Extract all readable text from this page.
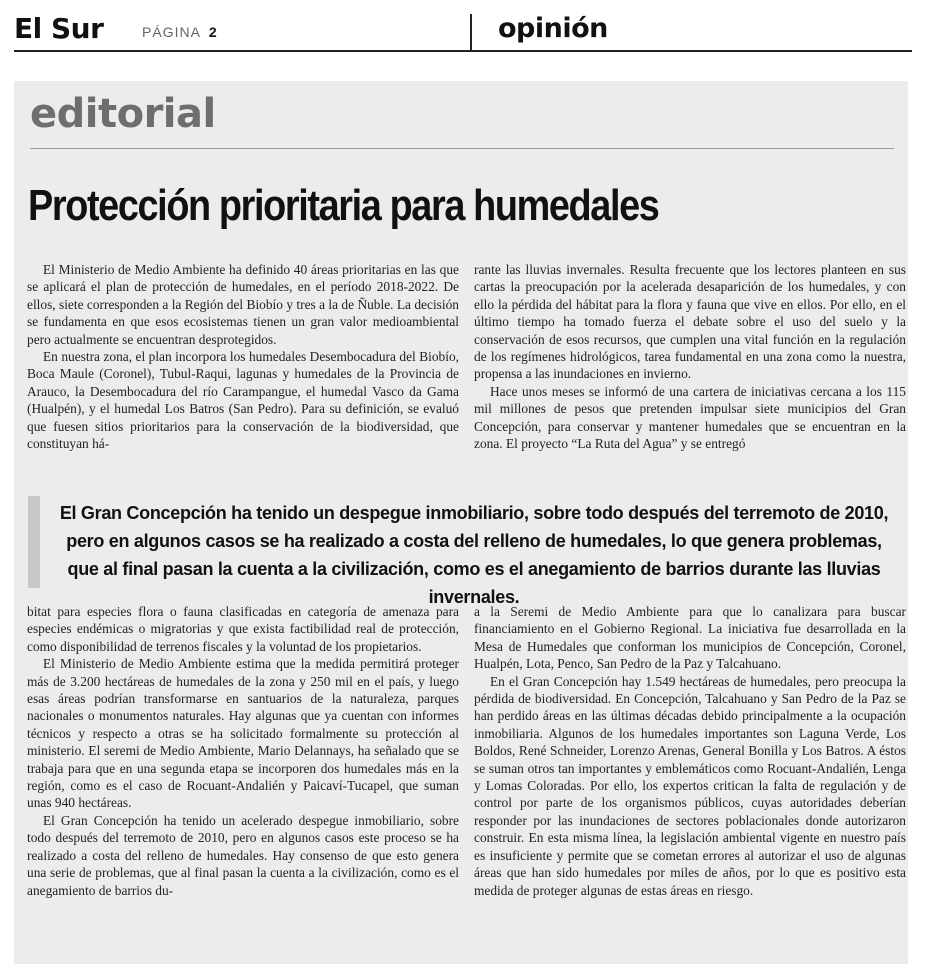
El Sur	PÁGINA 2	opinión
editorial
Protección prioritaria para humedales

El Ministerio de Medio Ambiente ha definido 40 áreas prioritarias en las que se aplicará el plan de protección de humedales, en el período 2018-2022. De ellos, siete corresponden a la Región del Biobío y tres a la de Ñuble. La decisión se fundamenta en que esos ecosistemas tienen un gran valor medioambiental pero actualmente se encuentran desprotegidos.

En nuestra zona, el plan incorpora los humedales Desembocadura del Biobío, Boca Maule (Coronel), Tubul-Raqui, lagunas y humedales de la Provincia de Arauco, la Desembocadura del río Carampangue, el humedal Vasco da Gama (Hualpén), y el humedal Los Batros (San Pedro). Para su definición, se evaluó que fuesen sitios prioritarios para la conservación de la biodiversidad, que constituyan há-

rante las lluvias invernales. Resulta frecuente que los lectores planteen en sus cartas la preocupación por la acelerada desaparición de los humedales, y con ello la pérdida del hábitat para la flora y fauna que vive en ellos. Por ello, en el último tiempo ha tomado fuerza el debate sobre el uso del suelo y la conservación de esos recursos, que cumplen una vital función en la regulación de los regímenes hidrológicos, tarea fundamental en una zona como la nuestra, propensa a las inundaciones en invierno.

Hace unos meses se informó de una cartera de iniciativas cercana a los 115 mil millones de pesos que pretenden impulsar siete municipios del Gran Concepción, para conservar y mantener humedales que se encuentran en la zona. El proyecto “La Ruta del Agua” y se entregó

El Gran Concepción ha tenido un despegue inmobiliario, sobre todo después del terremoto de 2010, pero en algunos casos se ha realizado a costa del relleno de humedales, lo que genera problemas, que al final pasan la cuenta a la civilización, como es el anegamiento de barrios durante las lluvias invernales.

bitat para especies flora o fauna clasificadas en categoría de amenaza para especies endémicas o migratorias y que exista factibilidad real de protección, como disponibilidad de terrenos fiscales y la voluntad de los propietarios.

El Ministerio de Medio Ambiente estima que la medida permitirá proteger más de 3.200 hectáreas de humedales de la zona y 250 mil en el país, y luego esas áreas podrían transformarse en santuarios de la naturaleza, parques nacionales o monumentos naturales. Hay algunas que ya cuentan con informes técnicos y respecto a otras se ha solicitado formalmente su protección al ministerio. El seremi de Medio Ambiente, Mario Delannays, ha señalado que se trabaja para que en una segunda etapa se incorporen dos humedales más en la región, como es el caso de Rocuant-Andalién y Paicaví-Tucapel, que suman unas 940 hectáreas.

El Gran Concepción ha tenido un acelerado despegue inmobiliario, sobre todo después del terremoto de 2010, pero en algunos casos este proceso se ha realizado a costa del relleno de humedales. Hay consenso de que esto genera una serie de problemas, que al final pasan la cuenta a la civilización, como es el anegamiento de barrios du-

a la Seremi de Medio Ambiente para que lo canalizara para buscar financiamiento en el Gobierno Regional. La iniciativa fue desarrollada en la Mesa de Humedales que conforman los municipios de Concepción, Coronel, Hualpén, Lota, Penco, San Pedro de la Paz y Talcahuano.

En el Gran Concepción hay 1.549 hectáreas de humedales, pero preocupa la pérdida de biodiversidad. En Concepción, Talcahuano y San Pedro de la Paz se han perdido áreas en las últimas décadas debido principalmente a la ocupación inmobiliaria. Algunos de los humedales importantes son Laguna Verde, Los Boldos, René Schneider, Lorenzo Arenas, General Bonilla y Los Batros. A éstos se suman otros tan importantes y emblemáticos como Rocuant-Andalién, Lenga y Lomas Coloradas. Por ello, los expertos critican la falta de regulación y de control por parte de los organismos públicos, cuyas autoridades deberían responder por las inundaciones de sectores poblacionales donde autorizaron construir. En esta misma línea, la legislación ambiental vigente en nuestro país es insuficiente y permite que se cometan errores al autorizar el uso de algunas áreas que han sido humedales por miles de años, por lo que es positivo esta medida de proteger algunas de estas áreas en riesgo.
